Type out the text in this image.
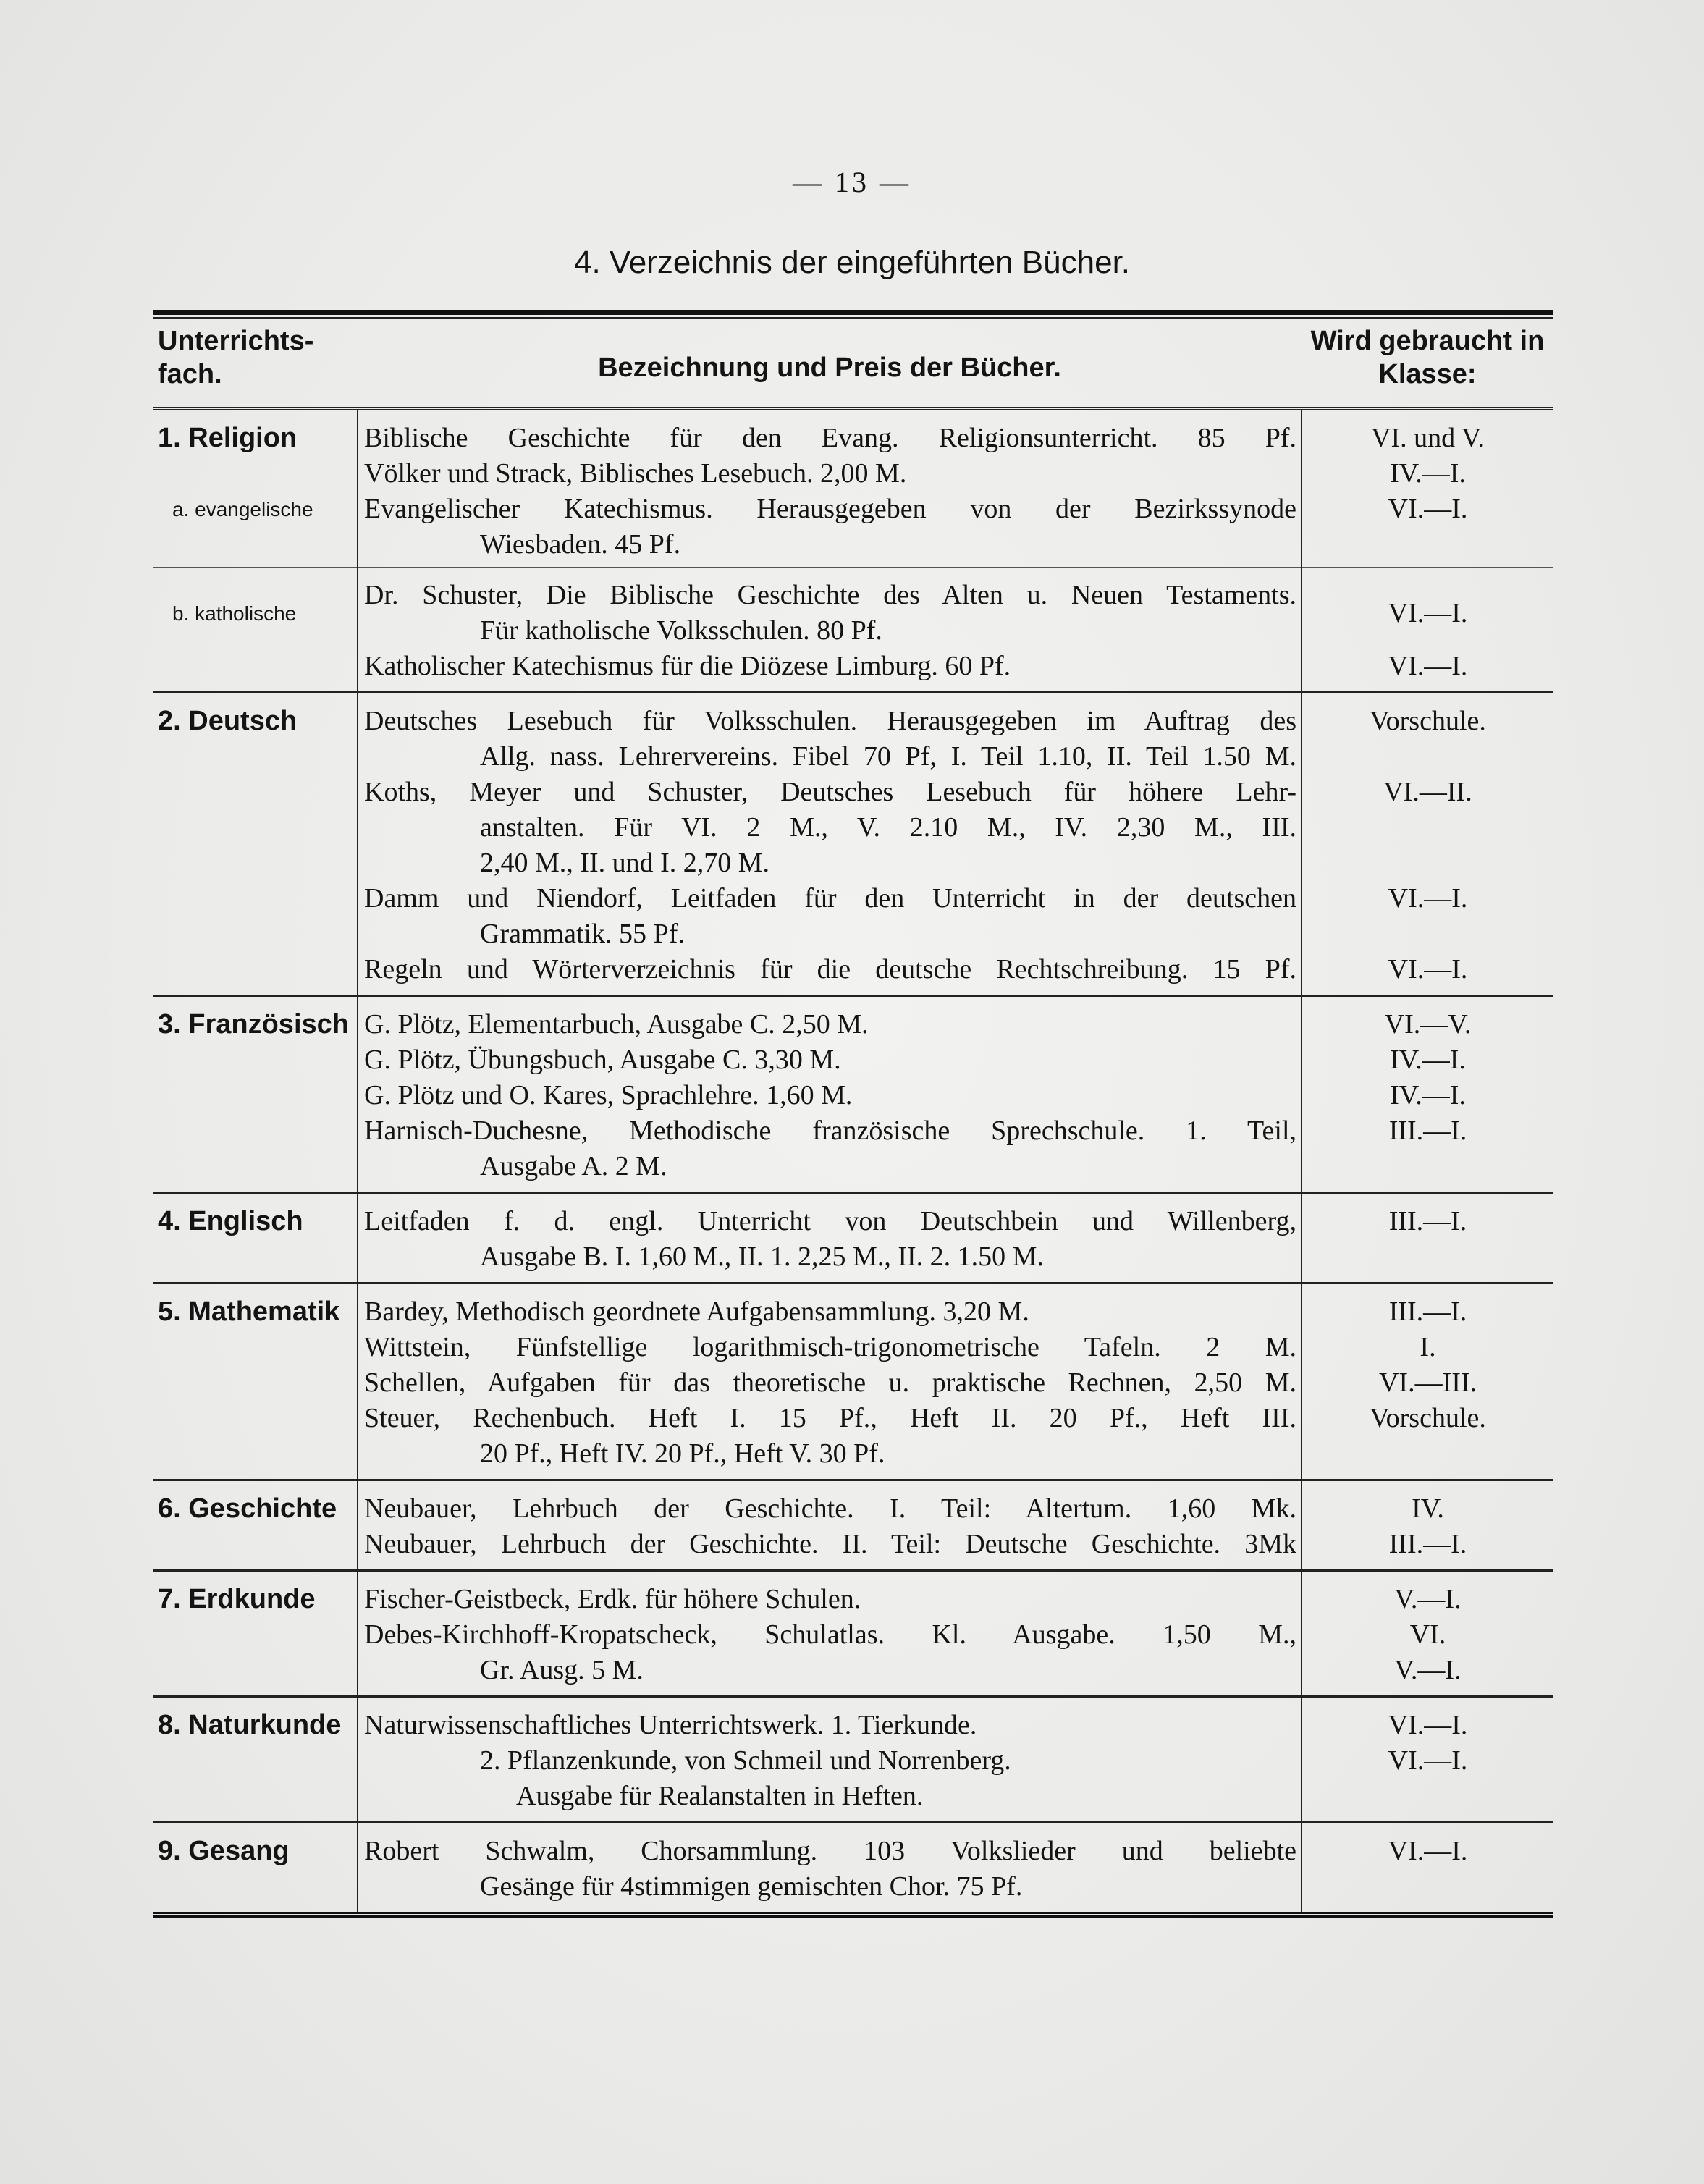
— 13 —
4. Verzeichnis der eingeführten Bücher.
Unterrichts- fach.	Bezeichnung und Preis der Bücher.	Wird gebraucht in Klasse:
1. Religion	Biblische Geschichte für den Evang. Religionsunterricht. 85 Pf.	VI. und V.

	Völker und Strack, Biblisches Lesebuch. 2,00 M.	IV.—I.

a. evangelische	Evangelischer Katechismus. Herausgegeben von der Bezirkssynode
Wiesbaden. 45 Pf.	VI.—I.

b. katholische	Dr. Schuster, Die Biblische Geschichte des Alten u. Neuen Testaments.
Für katholische Volksschulen. 80 Pf.	VI.—I.

	Katholischer Katechismus für die Diözese Limburg. 60 Pf.	VI.—I.

2. Deutsch	Deutsches Lesebuch für Volksschulen. Herausgegeben im Auftrag des
Allg. nass. Lehrervereins. Fibel 70 Pf, I. Teil 1.10, II. Teil 1.50 M.	Vorschule.

	Koths, Meyer und Schuster, Deutsches Lesebuch für höhere Lehr-
anstalten. Für VI. 2 M., V. 2.10 M., IV. 2,30 M., III.
2,40 M., II. und I. 2,70 M.	VI.—II.

	Damm und Niendorf, Leitfaden für den Unterricht in der deutschen
Grammatik. 55 Pf.	VI.—I.

	Regeln und Wörterverzeichnis für die deutsche Rechtschreibung. 15 Pf.	VI.—I.

3. Französisch	G. Plötz, Elementarbuch, Ausgabe C. 2,50 M.	VI.—V.

	G. Plötz, Übungsbuch, Ausgabe C. 3,30 M.	IV.—I.

	G. Plötz und O. Kares, Sprachlehre. 1,60 M.	IV.—I.

	Harnisch-Duchesne, Methodische französische Sprechschule. 1. Teil,
Ausgabe A. 2 M.	III.—I.

4. Englisch	Leitfaden f. d. engl. Unterricht von Deutschbein und Willenberg,
Ausgabe B. I. 1,60 M., II. 1. 2,25 M., II. 2. 1.50 M.	III.—I.

5. Mathematik	Bardey, Methodisch geordnete Aufgabensammlung. 3,20 M.	III.—I.

	Wittstein, Fünfstellige logarithmisch-trigonometrische Tafeln. 2 M.	I.

	Schellen, Aufgaben für das theoretische u. praktische Rechnen, 2,50 M.	VI.—III.

	Steuer, Rechenbuch. Heft I. 15 Pf., Heft II. 20 Pf., Heft III.
20 Pf., Heft IV. 20 Pf., Heft V. 30 Pf.	Vorschule.

6. Geschichte	Neubauer, Lehrbuch der Geschichte. I. Teil: Altertum. 1,60 Mk.	IV.

	Neubauer, Lehrbuch der Geschichte. II. Teil: Deutsche Geschichte. 3Mk	III.—I.

7. Erdkunde	Fischer-Geistbeck, Erdk. für höhere Schulen.	V.—I.

	Debes-Kirchhoff-Kropatscheck, Schulatlas. Kl. Ausgabe. 1,50 M.,	VI.

	Gr. Ausg. 5 M.	V.—I.

8. Naturkunde	Naturwissenschaftliches Unterrichtswerk. 1. Tierkunde.	VI.—I.

	2. Pflanzenkunde, von Schmeil und Norrenberg.	VI.—I.

	Ausgabe für Realanstalten in Heften.	

9. Gesang	Robert Schwalm, Chorsammlung. 103 Volkslieder und beliebte
Gesänge für 4stimmigen gemischten Chor. 75 Pf.	VI.—I.
